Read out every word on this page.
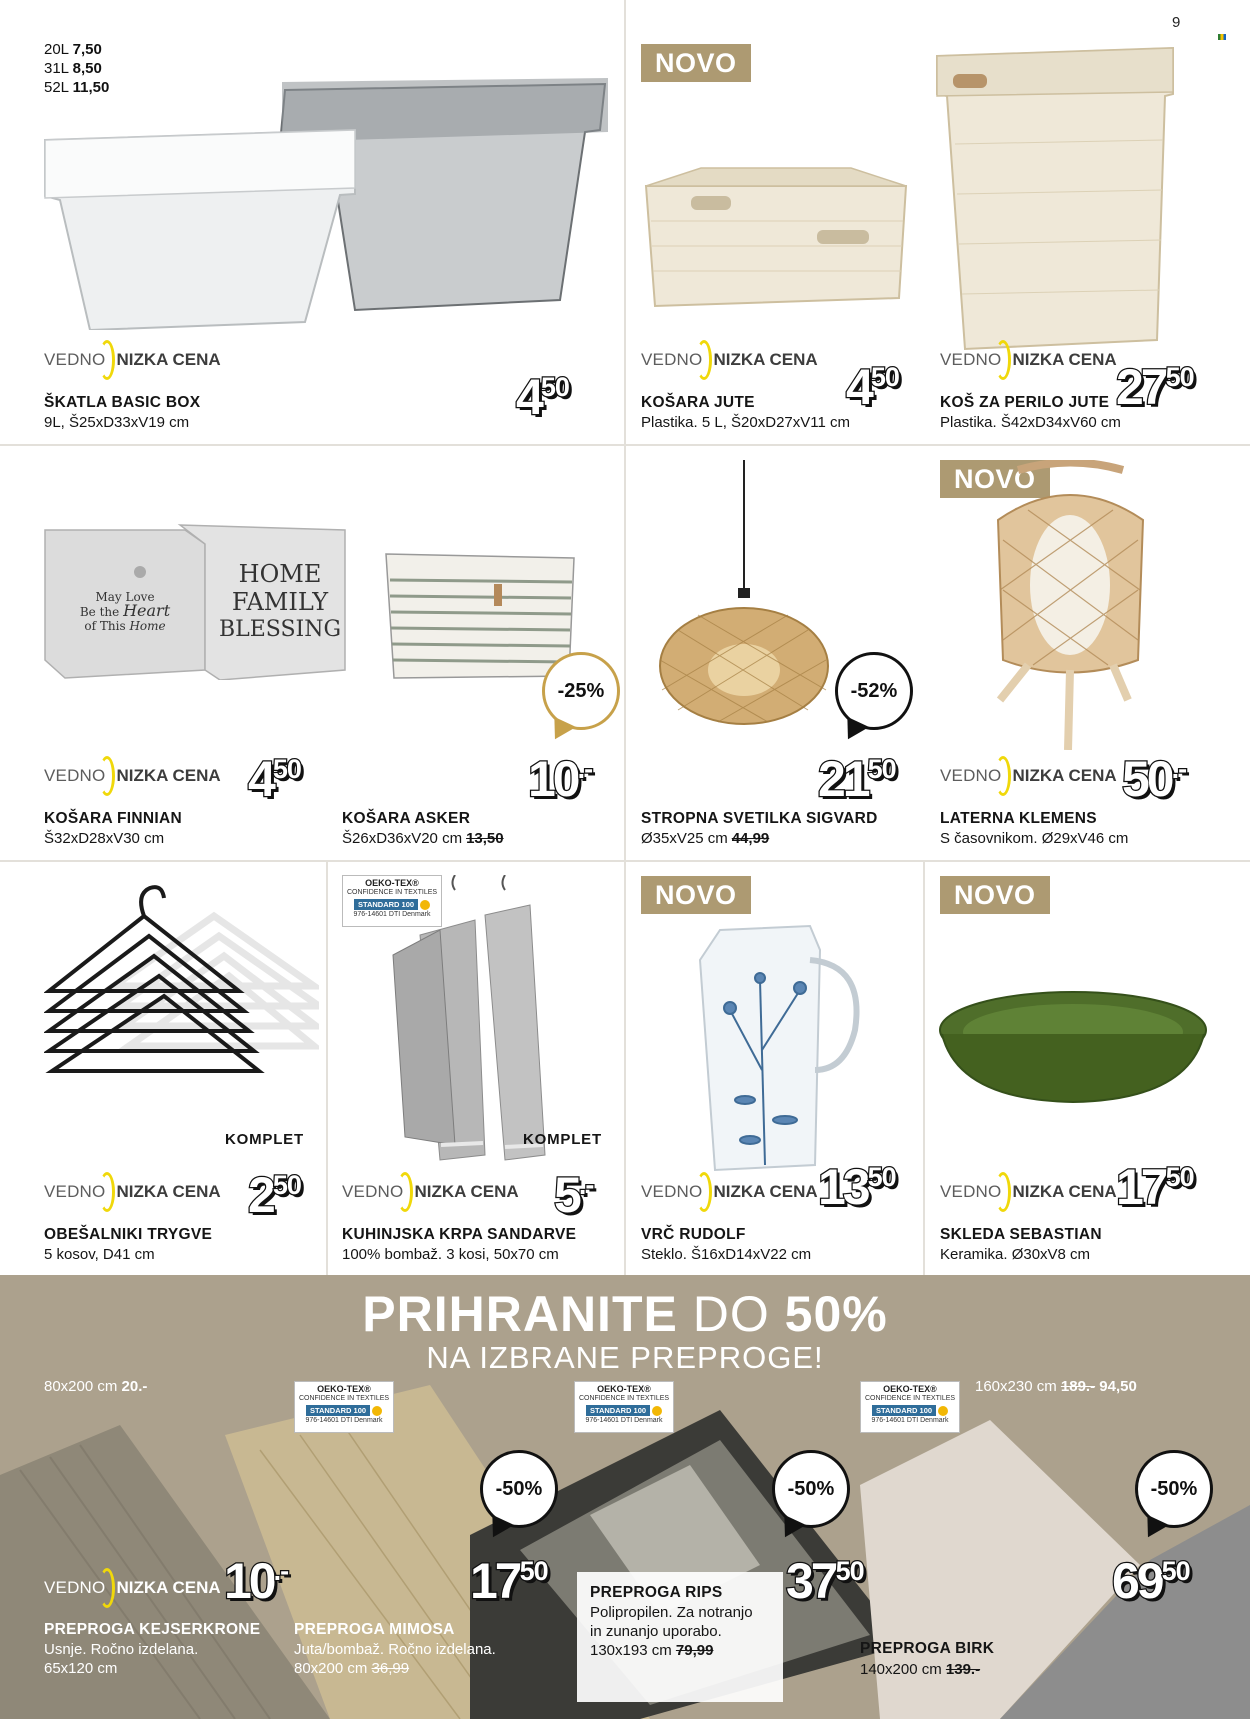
9
20L 7,50
31L 8,50
52L 11,50
VEDNO NIZKA CENA
ŠKATLA BASIC BOX
9L, Š25xD33xV19 cm	450
NOVO
VEDNO NIZKA CENA
KOŠARA JUTE
Plastika. 5 L, Š20xD27xV11 cm
450
VEDNO NIZKA CENA
KOŠ ZA PERILO JUTE
Plastika. Š42xD34xV60 cm
2750
May Love
Be the Heart
of This Home
HOME
FAMILY
BLESSING
VEDNO NIZKA CENA
KOŠARA FINNIAN
Š32xD28xV30 cm
450
-25%
KOŠARA ASKER
Š26xD36xV20 cm 13,50
10.-
-52%
STROPNA SVETILKA SIGVARD
Ø35xV25 cm 44,99
2150
NOVO
VEDNO NIZKA CENA
LATERNA KLEMENS
S časovnikom. Ø29xV46 cm
50.-
KOMPLET
VEDNO NIZKA CENA
OBEŠALNIKI TRYGVE
5 kosov, D41 cm
250
OEKO-TEX®
CONFIDENCE IN TEXTILES
STANDARD 100
976-14601 DTI Denmark
KOMPLET
VEDNO NIZKA CENA
KUHINJSKA KRPA SANDARVE
100% bombaž. 3 kosi, 50x70 cm
5.-
NOVO
VEDNO NIZKA CENA
VRČ RUDOLF
Steklo. Š16xD14xV22 cm
1350
NOVO
VEDNO NIZKA CENA
SKLEDA SEBASTIAN
Keramika. Ø30xV8 cm
1750
PRIHRANITE DO 50%
NA IZBRANE PREPROGE!
80x200 cm 20.-	160x230 cm 189.- 94,50
OEKO-TEX®
CONFIDENCE IN TEXTILES
STANDARD 100
976-14601 DTI Denmark
OEKO-TEX®
CONFIDENCE IN TEXTILES
STANDARD 100
976-14601 DTI Denmark
OEKO-TEX®
CONFIDENCE IN TEXTILES
STANDARD 100
976-14601 DTI Denmark
-50%	-50%	-50%
VEDNO NIZKA CENA 10.-
PREPROGA KEJSERKRONE
Usnje. Ročno izdelana.
65x120 cm
1750
PREPROGA MIMOSA
Juta/bombaž. Ročno izdelana.
80x200 cm 36,99
PREPROGA RIPS
Polipropilen. Za notranjo
in zunanjo uporabo.
130x193 cm 79,99
3750	6950
PREPROGA BIRK
140x200 cm 139.-
